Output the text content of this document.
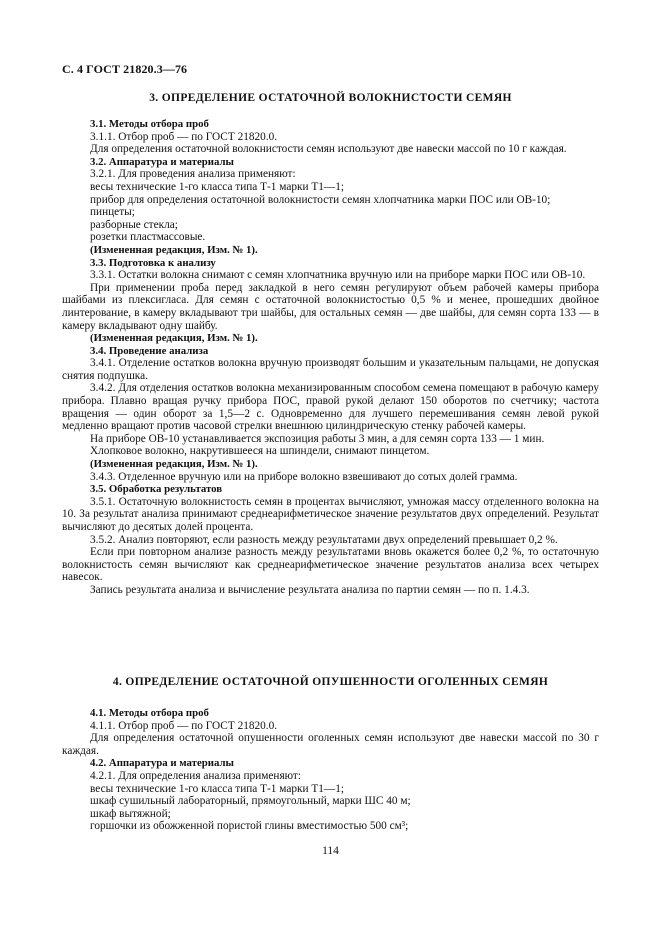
С. 4 ГОСТ 21820.3—76
3. ОПРЕДЕЛЕНИЕ ОСТАТОЧНОЙ ВОЛОКНИСТОСТИ СЕМЯН

3.1. Методы отбора проб

3.1.1. Отбор проб — по ГОСТ 21820.0.

Для определения остаточной волокнистости семян используют две навески массой по 10 г каждая.

3.2. Аппаратура и материалы

3.2.1. Для проведения анализа применяют:

весы технические 1-го класса типа Т-1 марки Т1—1;

прибор для определения остаточной волокнистости семян хлопчатника марки ПОС или ОВ-10;

пинцеты;

разборные стекла;

розетки пластмассовые.

(Измененная редакция, Изм. № 1).

3.3. Подготовка к анализу

3.3.1. Остатки волокна снимают с семян хлопчатника вручную или на приборе марки ПОС или ОВ-10.

При применении проба перед закладкой в него семян регулируют объем рабочей камеры прибора шайбами из плексигласа. Для семян с остаточной волокнистостью 0,5 % и менее, прошедших двойное линтерование, в камеру вкладывают три шайбы, для остальных семян — две шайбы, для семян сорта 133 — в камеру вкладывают одну шайбу.

(Измененная редакция, Изм. № 1).

3.4. Проведение анализа

3.4.1. Отделение остатков волокна вручную производят большим и указательным пальцами, не допуская снятия подпушка.

3.4.2. Для отделения остатков волокна механизированным способом семена помещают в рабочую камеру прибора. Плавно вращая ручку прибора ПОС, правой рукой делают 150 оборотов по счетчику; частота вращения — один оборот за 1,5—2 с. Одновременно для лучшего перемешивания семян левой рукой медленно вращают против часовой стрелки внешнюю цилиндрическую стенку рабочей камеры.

На приборе ОВ-10 устанавливается экспозиция работы 3 мин, а для семян сорта 133 — 1 мин.

Хлопковое волокно, накрутившееся на шпиндели, снимают пинцетом.

(Измененная редакция, Изм. № 1).

3.4.3. Отделенное вручную или на приборе волокно взвешивают до сотых долей грамма.

3.5. Обработка результатов

3.5.1. Остаточную волокнистость семян в процентах вычисляют, умножая массу отделенного волокна на 10. За результат анализа принимают среднеарифметическое значение результатов двух определений. Результат вычисляют до десятых долей процента.

3.5.2. Анализ повторяют, если разность между результатами двух определений превышает 0,2 %.

Если при повторном анализе разность между результатами вновь окажется более 0,2 %, то остаточную волокнистость семян вычисляют как среднеарифметическое значение результатов анализа всех четырех навесок.

Запись результата анализа и вычисление результата анализа по партии семян — по п. 1.4.3.

4. ОПРЕДЕЛЕНИЕ ОСТАТОЧНОЙ ОПУШЕННОСТИ ОГОЛЕННЫХ СЕМЯН

4.1. Методы отбора проб

4.1.1. Отбор проб — по ГОСТ 21820.0.

Для определения остаточной опушенности оголенных семян используют две навески массой по 30 г каждая.

4.2. Аппаратура и материалы

4.2.1. Для определения анализа применяют:

весы технические 1-го класса типа Т-1 марки Т1—1;

шкаф сушильный лабораторный, прямоугольный, марки ШС 40 м;

шкаф вытяжной;

горшочки из обожженной пористой глины вместимостью 500 см³;

114
